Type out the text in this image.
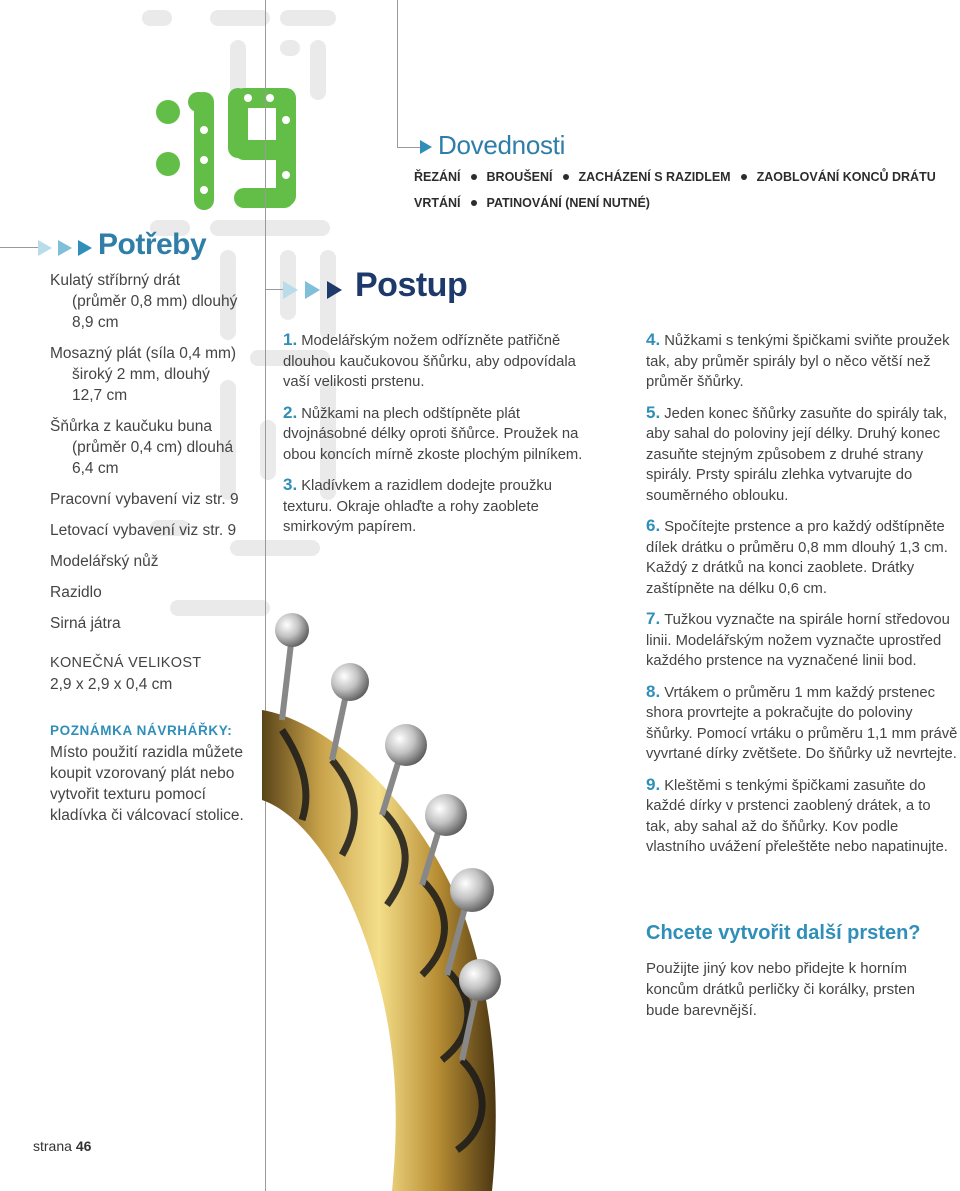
Dovednosti
ŘEZÁNÍ BROUŠENÍ ZACHÁZENÍ S RAZIDLEM ZAOBLOVÁNÍ KONCŮ DRÁTU
VRTÁNÍ PATINOVÁNÍ (NENÍ NUTNÉ)
Potřeby
Kulatý stříbrný drát
(průměr 0,8 mm) dlouhý
8,9 cm
Mosazný plát (síla 0,4 mm)
široký 2 mm, dlouhý
12,7 cm
Šňůrka z kaučuku buna
(průměr 0,4 cm) dlouhá
6,4 cm
Pracovní vybavení viz str. 9
Letovací vybavení viz str. 9
Modelářský nůž
Razidlo
Sirná játra
KONEČNÁ VELIKOST
2,9 x 2,9 x 0,4 cm
POZNÁMKA NÁVRHÁŘKY:
Místo použití razidla můžete koupit vzorovaný plát nebo vytvořit texturu pomocí kladívka či válcovací stolice.
Postup
1. Modelářským nožem odřízněte patřičně dlouhou kaučukovou šňůrku, aby odpovídala vaší velikosti prstenu.
2. Nůžkami na plech odštípněte plát dvojnásobné délky oproti šňůrce. Proužek na obou koncích mírně zkoste plochým pilníkem.
3. Kladívkem a razidlem dodejte proužku texturu. Okraje ohlaďte a rohy zaoblete smirkovým papírem.
4. Nůžkami s tenkými špičkami sviňte proužek tak, aby průměr spirály byl o něco větší než průměr šňůrky.
5. Jeden konec šňůrky zasuňte do spirály tak, aby sahal do poloviny její délky. Druhý konec zasuňte stejným způsobem z druhé strany spirály. Prsty spirálu zlehka vytvarujte do souměrného oblouku.
6. Spočítejte prstence a pro každý odštípněte dílek drátku o průměru 0,8 mm dlouhý 1,3 cm. Každý z drátků na konci zaoblete. Drátky zaštípněte na délku 0,6 cm.
7. Tužkou vyznačte na spirále horní středovou linii. Modelářským nožem vyznačte uprostřed každého prstence na vyznačené linii bod.
8. Vrtákem o průměru 1 mm každý prstenec shora provrtejte a pokračujte do poloviny šňůrky. Pomocí vrtáku o průměru 1,1 mm právě vyvrtané dírky zvětšete. Do šňůrky už nevrtejte.
9. Kleštěmi s tenkými špičkami zasuňte do každé dírky v prstenci zaoblený drátek, a to tak, aby sahal až do šňůrky. Kov podle vlastního uvážení přeleštěte nebo napatinujte.
Chcete vytvořit další prsten?
Použijte jiný kov nebo přidejte k horním koncům drátků perličky či korálky, prsten bude barevnější.
strana 46
